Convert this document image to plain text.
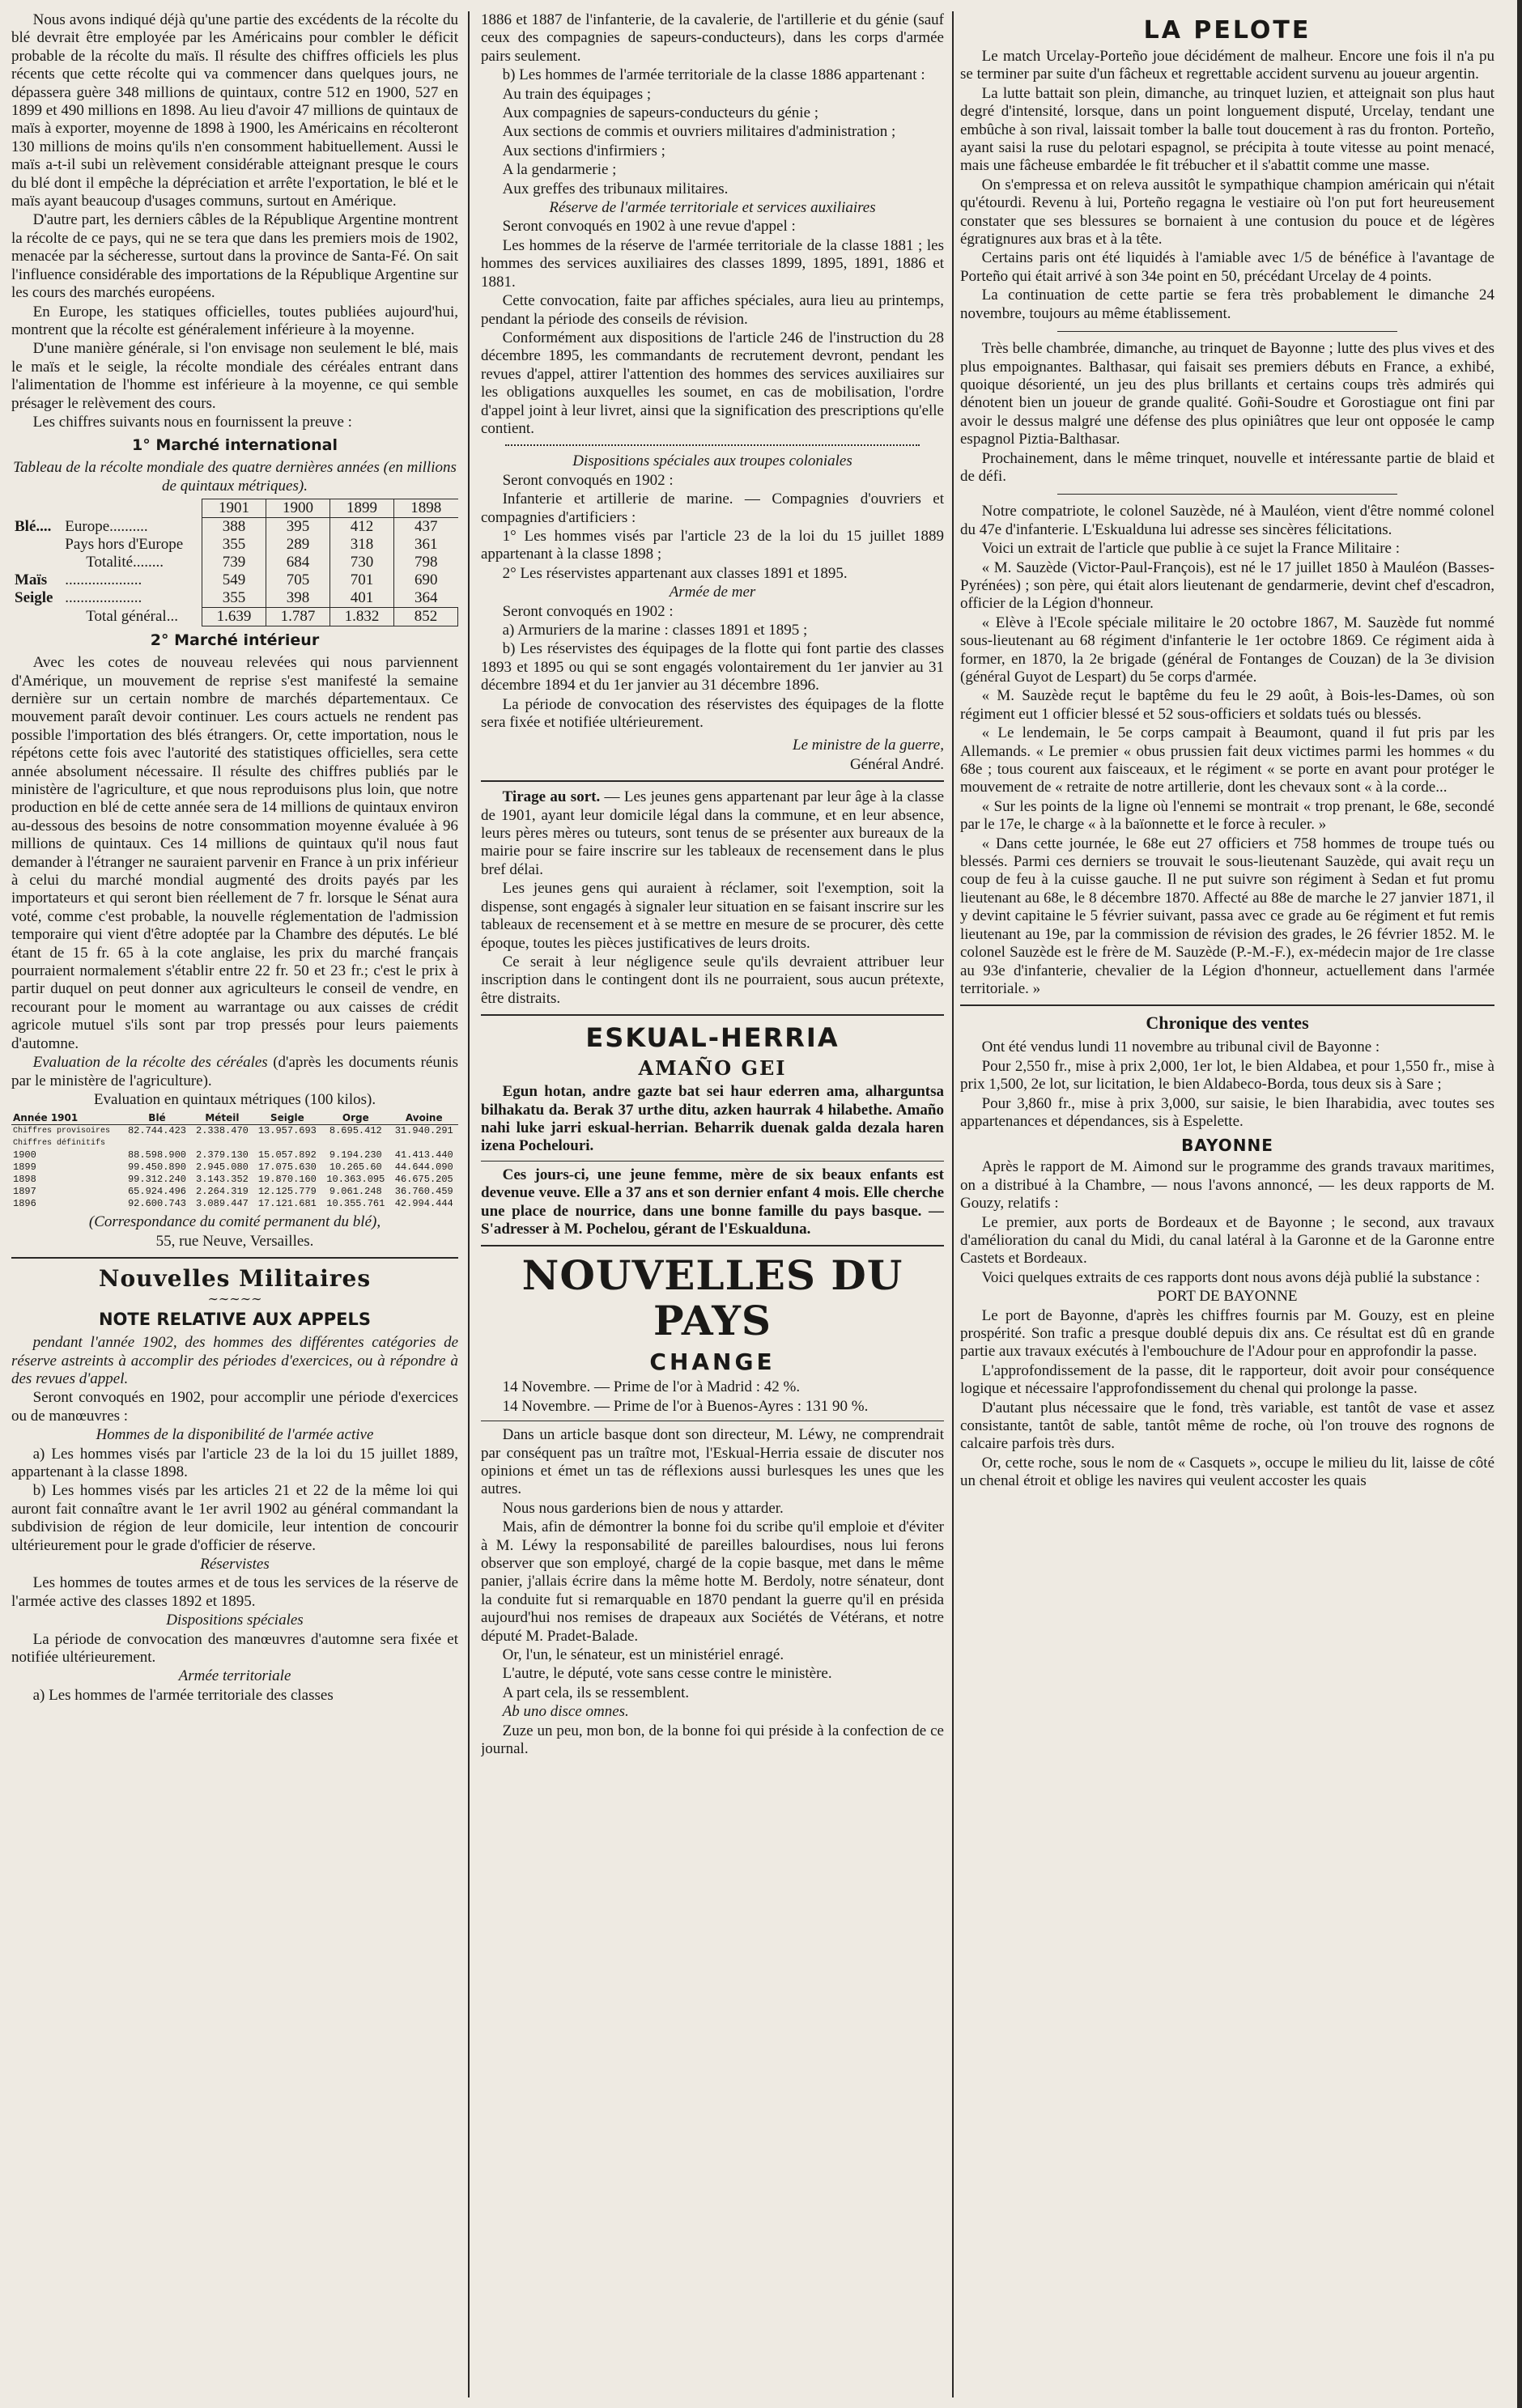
Nous avons indiqué déjà qu'une partie des excédents de la récolte du blé devrait être employée par les Américains pour combler le déficit probable de la récolte du maïs. Il résulte des chiffres officiels les plus récents que cette récolte qui va commencer dans quelques jours, ne dépassera guère 348 millions de quintaux, contre 512 en 1900, 527 en 1899 et 490 millions en 1898. Au lieu d'avoir 47 millions de quintaux de maïs à exporter, moyenne de 1898 à 1900, les Américains en récolteront 130 millions de moins qu'ils n'en consomment habituellement. Aussi le maïs a-t-il subi un relèvement considérable atteignant presque le cours du blé dont il empêche la dépréciation et arrête l'exportation, le blé et le maïs ayant beaucoup d'usages communs, surtout en Amérique.

D'autre part, les derniers câbles de la République Argentine montrent la récolte de ce pays, qui ne se tera que dans les premiers mois de 1902, menacée par la sécheresse, surtout dans la province de Santa-Fé. On sait l'influence considérable des importations de la République Argentine sur les cours des marchés européens.

En Europe, les statiques officielles, toutes publiées aujourd'hui, montrent que la récolte est généralement inférieure à la moyenne.

D'une manière générale, si l'on envisage non seulement le blé, mais le maïs et le seigle, la récolte mondiale des céréales entrant dans l'alimentation de l'homme est inférieure à la moyenne, ce qui semble présager le relèvement des cours.

Les chiffres suivants nous en fournissent la preuve :

1° Marché international

Tableau de la récolte mondiale des quatre dernières années (en millions de quintaux métriques).

		1901	1900	1899	1898
Blé....	Europe..........	388	395	412	437
	Pays hors d'Europe	355	289	318	361
	Totalité........	739	684	730	798
Maïs	....................	549	705	701	690
Seigle	....................	355	398	401	364
	Total général...	1.639	1.787	1.832	852
2° Marché intérieur

Avec les cotes de nouveau relevées qui nous parviennent d'Amérique, un mouvement de reprise s'est manifesté la semaine dernière sur un certain nombre de marchés départementaux. Ce mouvement paraît devoir continuer. Les cours actuels ne rendent pas possible l'importation des blés étrangers. Or, cette importation, nous le répétons cette fois avec l'autorité des statistiques officielles, sera cette année absolument nécessaire. Il résulte des chiffres publiés par le ministère de l'agriculture, et que nous reproduisons plus loin, que notre production en blé de cette année sera de 14 millions de quintaux environ au-dessous des besoins de notre consommation moyenne évaluée à 96 millions de quintaux. Ces 14 millions de quintaux qu'il nous faut demander à l'étranger ne sauraient parvenir en France à un prix inférieur à celui du marché mondial augmenté des droits payés par les importateurs et qui seront bien réellement de 7 fr. lorsque le Sénat aura voté, comme c'est probable, la nouvelle réglementation de l'admission temporaire qui vient d'être adoptée par la Chambre des députés. Le blé étant de 15 fr. 65 à la cote anglaise, les prix du marché français pourraient normalement s'établir entre 22 fr. 50 et 23 fr.; c'est le prix à partir duquel on peut donner aux agriculteurs le conseil de vendre, en recourant pour le moment au warrantage ou aux caisses de crédit agricole mutuel s'ils sont par trop pressés pour leurs paiements d'automne.

Evaluation de la récolte des céréales (d'après les documents réunis par le ministère de l'agriculture).

Evaluation en quintaux métriques (100 kilos).

Année 1901	Blé	Méteil	Seigle	Orge	Avoine
Chiffres provisoires	82.744.423	2.338.470	13.957.693	8.695.412	31.940.291
Chiffres définitifs					
1900	88.598.900	2.379.130	15.057.892	9.194.230	41.413.440
1899	99.450.890	2.945.080	17.075.630	10.265.60	44.644.090
1898	99.312.240	3.143.352	19.870.160	10.363.095	46.675.205
1897	65.924.496	2.264.319	12.125.779	9.061.248	36.760.459
1896	92.600.743	3.089.447	17.121.681	10.355.761	42.994.444

(Correspondance du comité permanent du blé),

55, rue Neuve, Versailles.

Nouvelles Militaires
∼∼∼∼∼
NOTE RELATIVE AUX APPELS

pendant l'année 1902, des hommes des différentes catégories de réserve astreints à accomplir des périodes d'exercices, ou à répondre à des revues d'appel.

Seront convoqués en 1902, pour accomplir une période d'exercices ou de manœuvres :

Hommes de la disponibilité de l'armée active

a) Les hommes visés par l'article 23 de la loi du 15 juillet 1889, appartenant à la classe 1898.

b) Les hommes visés par les articles 21 et 22 de la même loi qui auront fait connaître avant le 1er avril 1902 au général commandant la subdivision de région de leur domicile, leur intention de concourir ultérieurement pour le grade d'officier de réserve.

Réservistes

Les hommes de toutes armes et de tous les services de la réserve de l'armée active des classes 1892 et 1895.

Dispositions spéciales

La période de convocation des manœuvres d'automne sera fixée et notifiée ultérieurement.

Armée territoriale

a) Les hommes de l'armée territoriale des classes

1886 et 1887 de l'infanterie, de la cavalerie, de l'artillerie et du génie (sauf ceux des compagnies de sapeurs-conducteurs), dans les corps d'armée pairs seulement.

b) Les hommes de l'armée territoriale de la classe 1886 appartenant :

Au train des équipages ;

Aux compagnies de sapeurs-conducteurs du génie ;

Aux sections de commis et ouvriers militaires d'administration ;

Aux sections d'infirmiers ;

A la gendarmerie ;

Aux greffes des tribunaux militaires.

Réserve de l'armée territoriale et services auxiliaires

Seront convoqués en 1902 à une revue d'appel :

Les hommes de la réserve de l'armée territoriale de la classe 1881 ; les hommes des services auxiliaires des classes 1899, 1895, 1891, 1886 et 1881.

Cette convocation, faite par affiches spéciales, aura lieu au printemps, pendant la période des conseils de révision.

Conformément aux dispositions de l'article 246 de l'instruction du 28 décembre 1895, les commandants de recrutement devront, pendant les revues d'appel, attirer l'attention des hommes des services auxiliaires sur les obligations auxquelles les soumet, en cas de mobilisation, l'ordre d'appel joint à leur livret, ainsi que la signification des prescriptions qu'elle contient.

Dispositions spéciales aux troupes coloniales

Seront convoqués en 1902 :

Infanterie et artillerie de marine. — Compagnies d'ouvriers et compagnies d'artificiers :

1° Les hommes visés par l'article 23 de la loi du 15 juillet 1889 appartenant à la classe 1898 ;

2° Les réservistes appartenant aux classes 1891 et 1895.

Armée de mer

Seront convoqués en 1902 :

a) Armuriers de la marine : classes 1891 et 1895 ;

b) Les réservistes des équipages de la flotte qui font partie des classes 1893 et 1895 ou qui se sont engagés volontairement du 1er janvier au 31 décembre 1894 et du 1er janvier au 31 décembre 1896.

La période de convocation des réservistes des équipages de la flotte sera fixée et notifiée ultérieurement.

Le ministre de la guerre,

Général André.

Tirage au sort. — Les jeunes gens appartenant par leur âge à la classe de 1901, ayant leur domicile légal dans la commune, et en leur absence, leurs pères mères ou tuteurs, sont tenus de se présenter aux bureaux de la mairie pour se faire inscrire sur les tableaux de recensement dans le plus bref délai.

Les jeunes gens qui auraient à réclamer, soit l'exemption, soit la dispense, sont engagés à signaler leur situation en se faisant inscrire sur les tableaux de recensement et à se mettre en mesure de se procurer, dès cette époque, toutes les pièces justificatives de leurs droits.

Ce serait à leur négligence seule qu'ils devraient attribuer leur inscription dans le contingent dont ils ne pourraient, sous aucun prétexte, être distraits.

ESKUAL-HERRIA
AMAÑO GEI

Egun hotan, andre gazte bat sei haur ederren ama, alharguntsa bilhakatu da. Berak 37 urthe ditu, azken haurrak 4 hilabethe. Amaño nahi luke jarri eskual-herrian. Beharrik duenak galda dezala haren izena Pochelouri.

Ces jours-ci, une jeune femme, mère de six beaux enfants est devenue veuve. Elle a 37 ans et son dernier enfant 4 mois. Elle cherche une place de nourrice, dans une bonne famille du pays basque. — S'adresser à M. Pochelou, gérant de l'Eskualduna.

NOUVELLES DU PAYS
CHANGE

14 Novembre. — Prime de l'or à Madrid : 42 %.

14 Novembre. — Prime de l'or à Buenos-Ayres : 131 90 %.

Dans un article basque dont son directeur, M. Léwy, ne comprendrait par conséquent pas un traître mot, l'Eskual-Herria essaie de discuter nos opinions et émet un tas de réflexions aussi burlesques les unes que les autres.

Nous nous garderions bien de nous y attarder.

Mais, afin de démontrer la bonne foi du scribe qu'il emploie et d'éviter à M. Léwy la responsabilité de pareilles balourdises, nous lui ferons observer que son employé, chargé de la copie basque, met dans le même panier, j'allais écrire dans la même hotte M. Berdoly, notre sénateur, dont la conduite fut si remarquable en 1870 pendant la guerre qu'il en présida aujourd'hui nos remises de drapeaux aux Sociétés de Vétérans, et notre député M. Pradet-Balade.

Or, l'un, le sénateur, est un ministériel enragé.

L'autre, le député, vote sans cesse contre le ministère.

A part cela, ils se ressemblent.

Ab uno disce omnes.

Zuze un peu, mon bon, de la bonne foi qui préside à la confection de ce journal.

LA PELOTE

Le match Urcelay-Porteño joue décidément de malheur. Encore une fois il n'a pu se terminer par suite d'un fâcheux et regrettable accident survenu au joueur argentin.

La lutte battait son plein, dimanche, au trinquet luzien, et atteignait son plus haut degré d'intensité, lorsque, dans un point longuement disputé, Urcelay, tendant une embûche à son rival, laissait tomber la balle tout doucement à ras du fronton. Porteño, ayant saisi la ruse du pelotari espagnol, se précipita à toute vitesse au point menacé, mais une fâcheuse embardée le fit trébucher et il s'abattit comme une masse.

On s'empressa et on releva aussitôt le sympathique champion américain qui n'était qu'étourdi. Revenu à lui, Porteño regagna le vestiaire où l'on put fort heureusement constater que ses blessures se bornaient à une contusion du pouce et de légères égratignures aux bras et à la tête.

Certains paris ont été liquidés à l'amiable avec 1/5 de bénéfice à l'avantage de Porteño qui était arrivé à son 34e point en 50, précédant Urcelay de 4 points.

La continuation de cette partie se fera très probablement le dimanche 24 novembre, toujours au même établissement.

Très belle chambrée, dimanche, au trinquet de Bayonne ; lutte des plus vives et des plus empoignantes. Balthasar, qui faisait ses premiers débuts en France, a exhibé, quoique désorienté, un jeu des plus brillants et certains coups très admirés qui dénotent bien un joueur de grande qualité. Goñi-Soudre et Gorostiague ont fini par avoir le dessus malgré une défense des plus opiniâtres que leur ont opposée le camp espagnol Piztia-Balthasar.

Prochainement, dans le même trinquet, nouvelle et intéressante partie de blaid et de défi.

Notre compatriote, le colonel Sauzède, né à Mauléon, vient d'être nommé colonel du 47e d'infanterie. L'Eskualduna lui adresse ses sincères félicitations.

Voici un extrait de l'article que publie à ce sujet la France Militaire :

« M. Sauzède (Victor-Paul-François), est né le 17 juillet 1850 à Mauléon (Basses-Pyrénées) ; son père, qui était alors lieutenant de gendarmerie, devint chef d'escadron, officier de la Légion d'honneur.

« Elève à l'Ecole spéciale militaire le 20 octobre 1867, M. Sauzède fut nommé sous-lieutenant au 68 régiment d'infanterie le 1er octobre 1869. Ce régiment aida à former, en 1870, la 2e brigade (général de Fontanges de Couzan) de la 3e division (général Guyot de Lespart) du 5e corps d'armée.

« M. Sauzède reçut le baptême du feu le 29 août, à Bois-les-Dames, où son régiment eut 1 officier blessé et 52 sous-officiers et soldats tués ou blessés.

« Le lendemain, le 5e corps campait à Beaumont, quand il fut pris par les Allemands. « Le premier « obus prussien fait deux victimes parmi les hommes « du 68e ; tous courent aux faisceaux, et le régiment « se porte en avant pour protéger le mouvement de « retraite de notre artillerie, dont les chevaux sont « à la corde...

« Sur les points de la ligne où l'ennemi se montrait « trop prenant, le 68e, secondé par le 17e, le charge « à la baïonnette et le force à reculer. »

« Dans cette journée, le 68e eut 27 officiers et 758 hommes de troupe tués ou blessés. Parmi ces derniers se trouvait le sous-lieutenant Sauzède, qui avait reçu un coup de feu à la cuisse gauche. Il ne put suivre son régiment à Sedan et fut promu lieutenant au 68e, le 8 décembre 1870. Affecté au 88e de marche le 27 janvier 1871, il y devint capitaine le 5 février suivant, passa avec ce grade au 6e régiment et fut remis lieutenant au 19e, par la commission de révision des grades, le 26 février 1852. M. le colonel Sauzède est le frère de M. Sauzède (P.-M.-F.), ex-médecin major de 1re classe au 93e d'infanterie, chevalier de la Légion d'honneur, actuellement dans l'armée territoriale. »

Chronique des ventes

Ont été vendus lundi 11 novembre au tribunal civil de Bayonne :

Pour 2,550 fr., mise à prix 2,000, 1er lot, le bien Aldabea, et pour 1,550 fr., mise à prix 1,500, 2e lot, sur licitation, le bien Aldabeco-Borda, tous deux sis à Sare ;

Pour 3,860 fr., mise à prix 3,000, sur saisie, le bien Iharabidia, avec toutes ses appartenances et dépendances, sis à Espelette.

BAYONNE

Après le rapport de M. Aimond sur le programme des grands travaux maritimes, on a distribué à la Chambre, — nous l'avons annoncé, — les deux rapports de M. Gouzy, relatifs :

Le premier, aux ports de Bordeaux et de Bayonne ; le second, aux travaux d'amélioration du canal du Midi, du canal latéral à la Garonne et de la Garonne entre Castets et Bordeaux.

Voici quelques extraits de ces rapports dont nous avons déjà publié la substance :

PORT DE BAYONNE

Le port de Bayonne, d'après les chiffres fournis par M. Gouzy, est en pleine prospérité. Son trafic a presque doublé depuis dix ans. Ce résultat est dû en grande partie aux travaux exécutés à l'embouchure de l'Adour pour en approfondir la passe.

L'approfondissement de la passe, dit le rapporteur, doit avoir pour conséquence logique et nécessaire l'approfondissement du chenal qui prolonge la passe.

D'autant plus nécessaire que le fond, très variable, est tantôt de vase et assez consistante, tantôt de sable, tantôt même de roche, où l'on trouve des rognons de calcaire parfois très durs.

Or, cette roche, sous le nom de « Casquets », occupe le milieu du lit, laisse de côté un chenal étroit et oblige les navires qui veulent accoster les quais
